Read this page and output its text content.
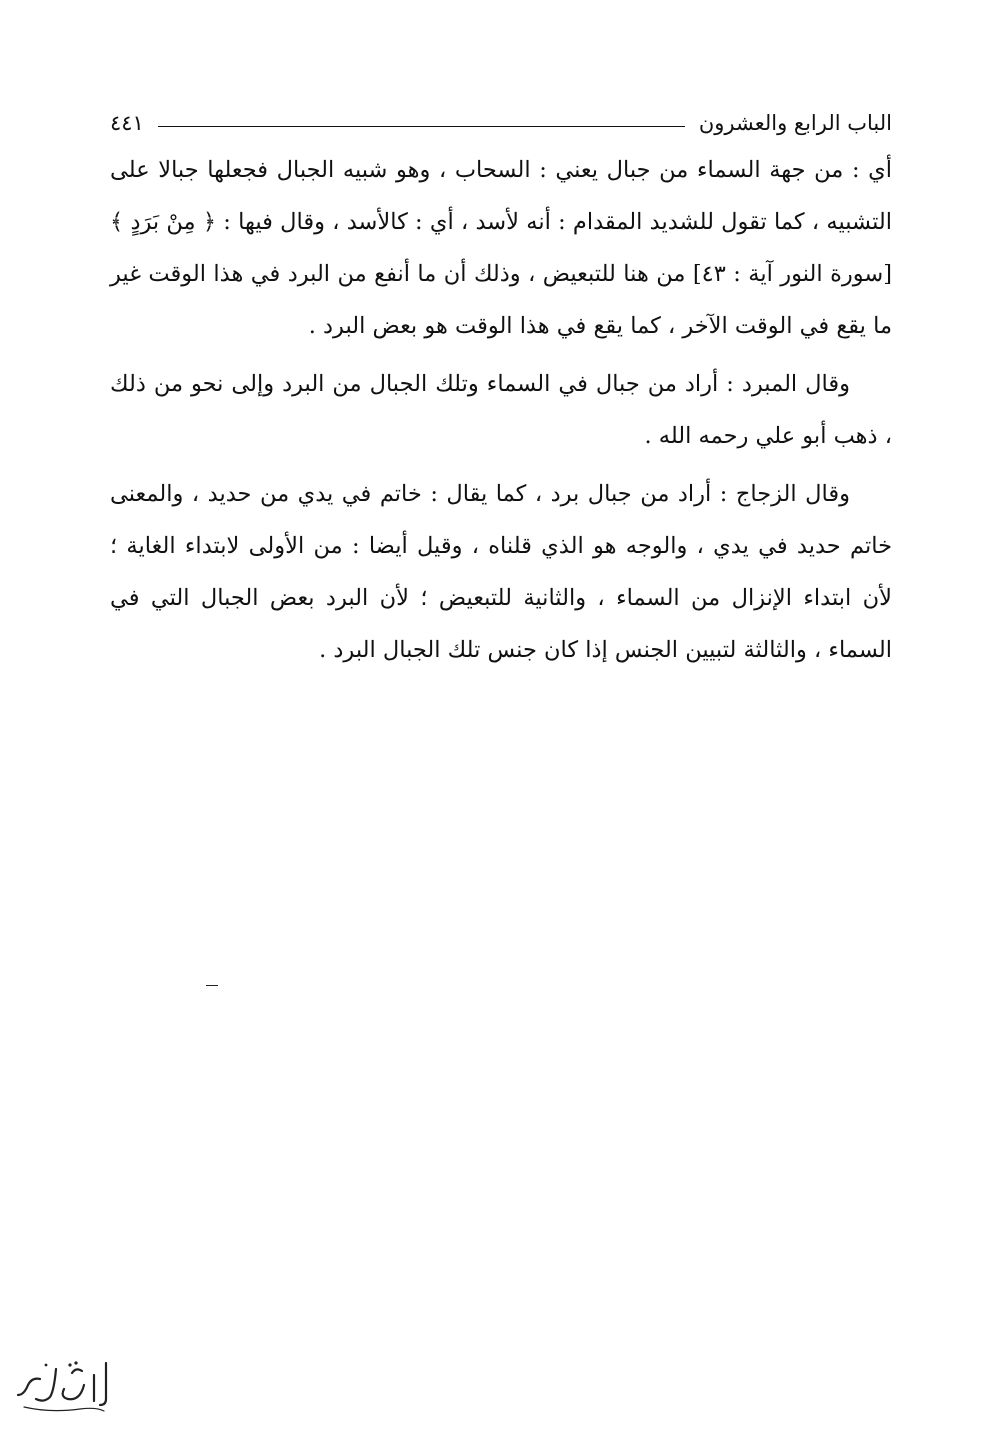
الباب الرابع والعشرون
٤٤١

أي : من جهة السماء من جبال يعني : السحاب ، وهو شبيه الجبال فجعلها جبالا على التشبيه ، كما تقول للشديد المقدام : أنه لأسد ، أي : كالأسد ، وقال فيها : ﴿ مِنْ بَرَدٍ ﴾ [سورة النور آية : ٤٣] من هنا للتبعيض ، وذلك أن ما أنفع من البرد في هذا الوقت غير ما يقع في الوقت الآخر ، كما يقع في هذا الوقت هو بعض البرد .

وقال المبرد : أراد من جبال في السماء وتلك الجبال من البرد وإلى نحو من ذلك ، ذهب أبو علي رحمه الله .

وقال الزجاج : أراد من جبال برد ، كما يقال : خاتم في يدي من حديد ، والمعنى خاتم حديد في يدي ، والوجه هو الذي قلناه ، وقيل أيضا : من الأولى لابتداء الغاية ؛ لأن ابتداء الإنزال من السماء ، والثانية للتبعيض ؛ لأن البرد بعض الجبال التي في السماء ، والثالثة لتبيين الجنس إذا كان جنس تلك الجبال البرد .

‏‏‏‏‏‏‏ ‏‏‏
